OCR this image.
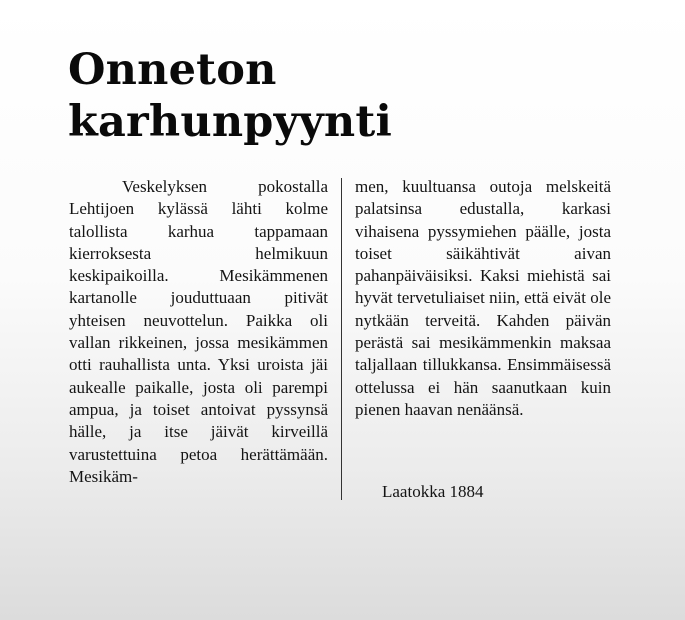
Onneton
karhunpyynti

Veskelyksen pokostalla Lehtijoen kylässä lähti kolme talollista karhua tappamaan kierroksesta helmikuun keskipaikoilla. Mesikämmenen kartanolle jouduttuaan pitivät yhteisen neuvottelun. Paikka oli vallan rikkeinen, jossa mesikämmen otti rauhallista unta. Yksi uroista jäi aukealle paikalle, josta oli parempi ampua, ja toiset antoivat pyssynsä hälle, ja itse jäivät kirveillä varustettuina petoa herättämään. Mesikäm-

men, kuultuansa outoja melskeitä palatsinsa edustalla, karkasi vihaisena pyssymiehen päälle, josta toiset säikähtivät aivan pahanpäiväisiksi. Kaksi miehistä sai hyvät tervetuliaiset niin, että eivät ole nytkään terveitä. Kahden päivän perästä sai mesikämmenkin maksaa taljallaan tillukkansa. Ensimmäisessä ottelussa ei hän saanutkaan kuin pienen haavan nenäänsä.

Laatokka 1884
